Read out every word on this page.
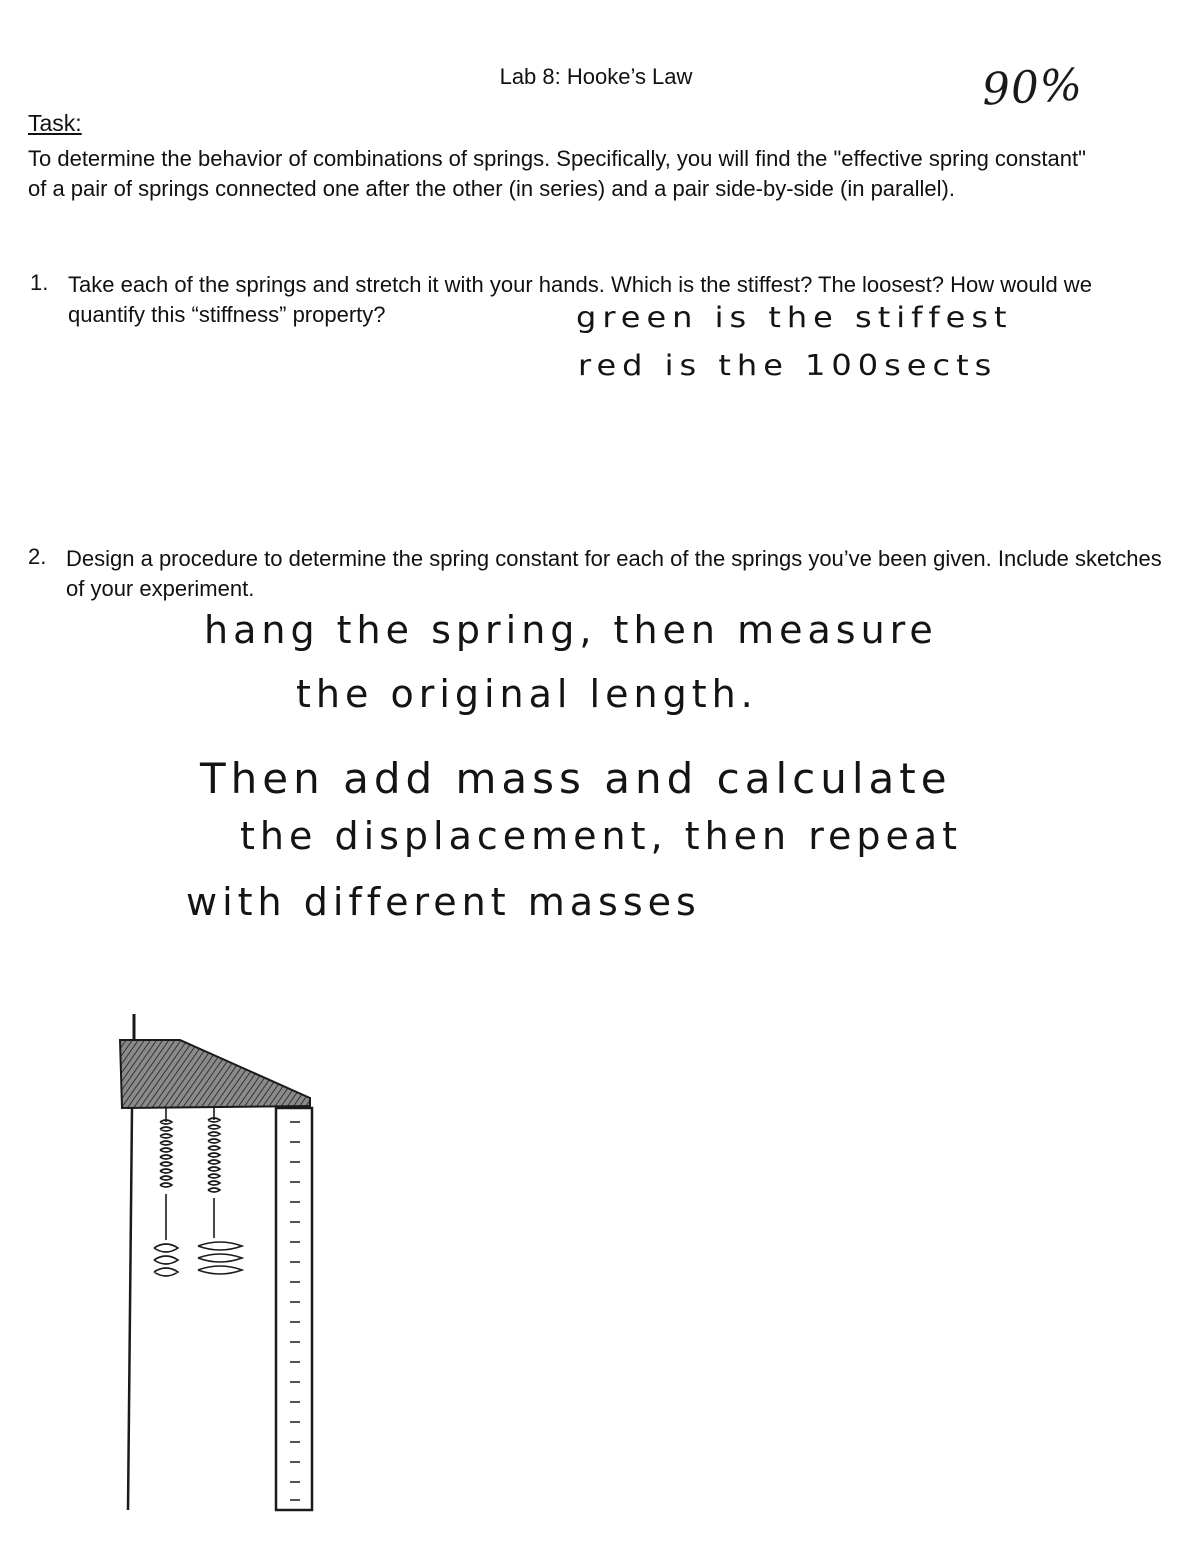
Lab 8: Hooke’s Law	90%

Task:

To determine the behavior of combinations of springs. Specifically, you will find the "effective spring constant" of a pair of springs connected one after the other (in series) and a pair side-by-side (in parallel).

1. Take each of the springs and stretch it with your hands. Which is the stiffest? The loosest? How would we quantify this “stiffness” property?	green is the stiffest

red is the 100sects

2. Design a procedure to determine the spring constant for each of the springs you’ve been given. Include sketches of your experiment.

hang the spring, then measure

the original length.

Then add mass and calculate

the displacement, then repeat

with different masses
